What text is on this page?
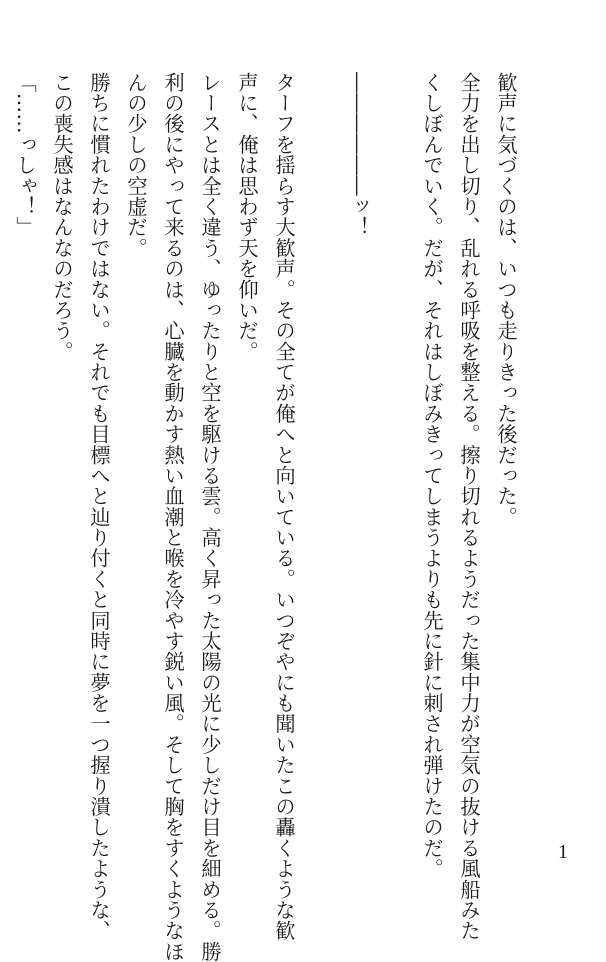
歓声に気づくのは、いつも走りきった後だった。

全力を出し切り、乱れる呼吸を整える。擦り切れるようだった集中力が空気の抜ける風船みた

くしぼんでいく。だが、それはしぼみきってしまうよりも先に針に刺され弾けたのだ。

――――――ッ！

ターフを揺らす大歓声。その全てが俺へと向いている。いつぞやにも聞いたこの轟くような歓

声に、俺は思わず天を仰いだ。

レースとは全く違う、ゆったりと空を駆ける雲。高く昇った太陽の光に少しだけ目を細める。勝

利の後にやって来るのは、心臓を動かす熱い血潮と喉を冷やす鋭い風。そして胸をすくようなほ

んの少しの空虚だ。

勝ちに慣れたわけではない。それでも目標へと辿り付くと同時に夢を一つ握り潰したような、

この喪失感はなんなのだろう。

「……っしゃ！」

1
